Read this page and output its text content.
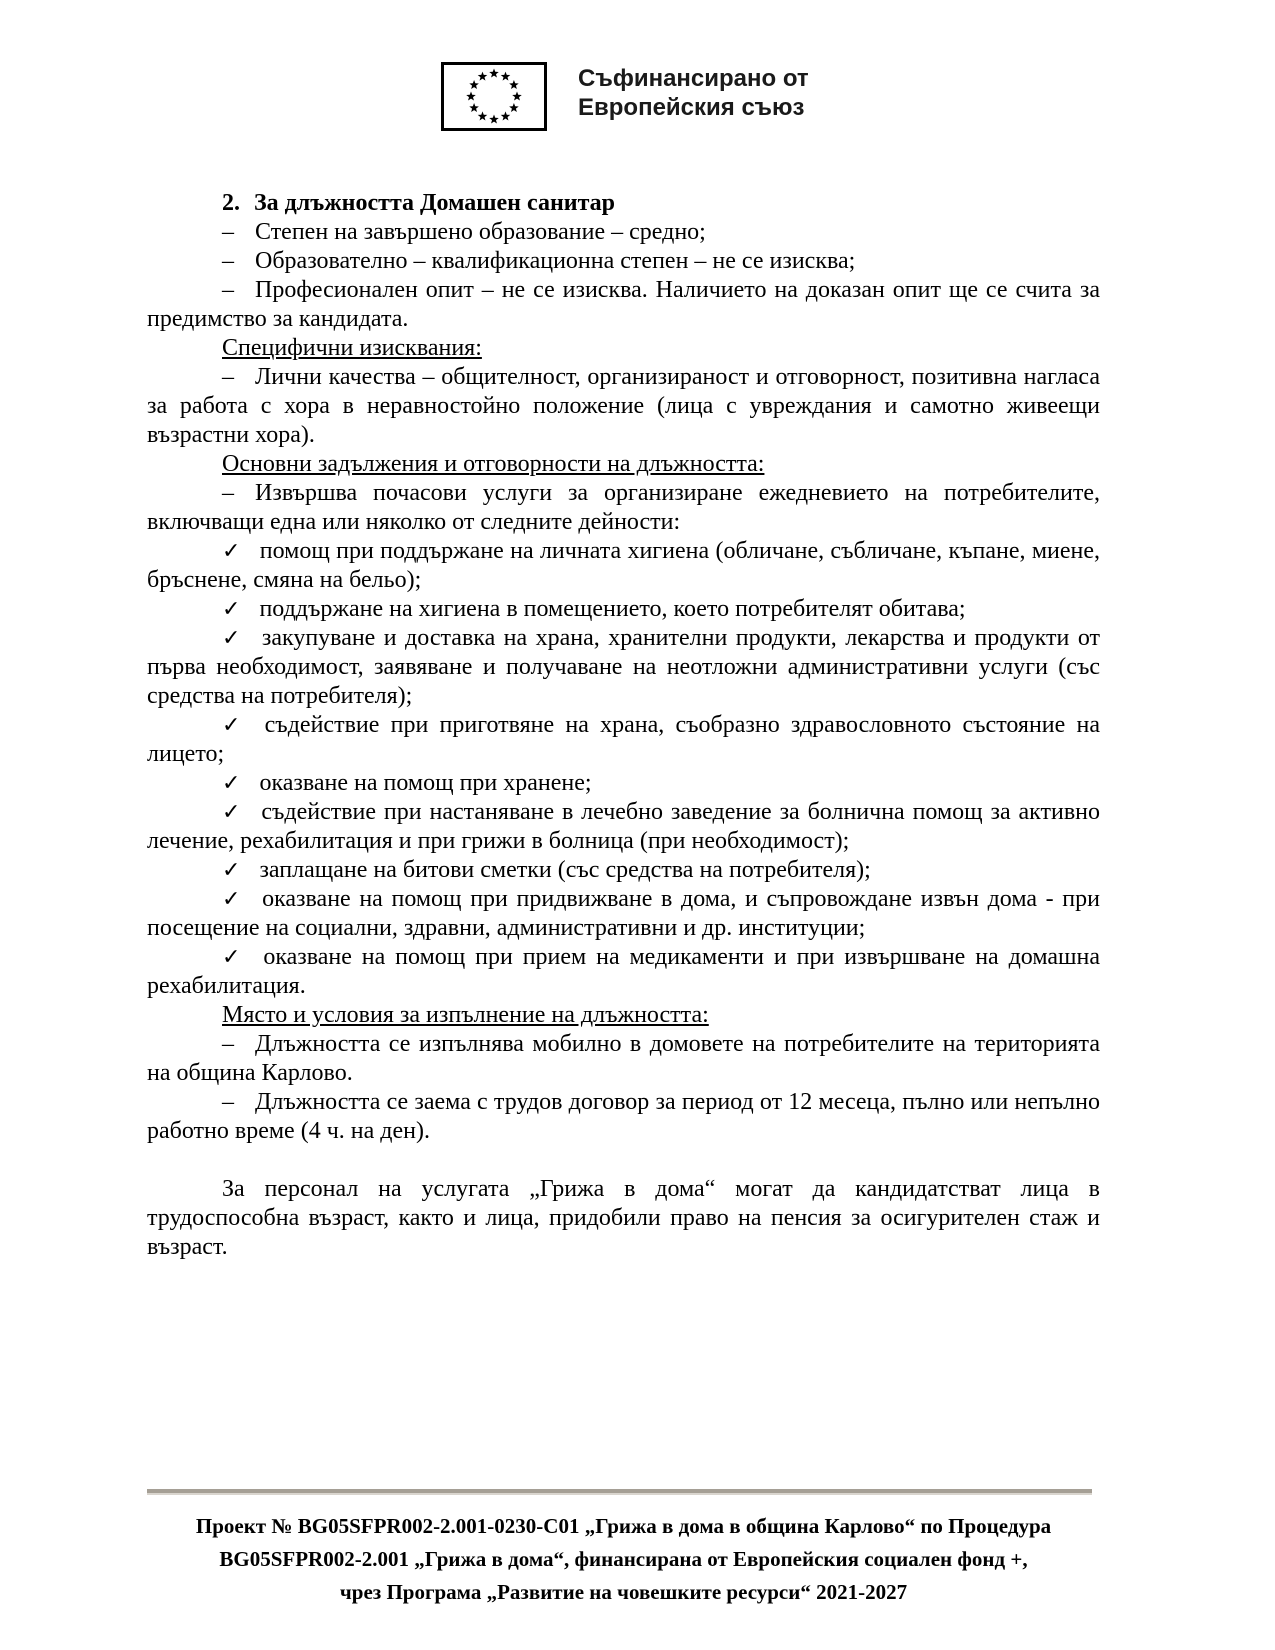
Съфинансирано от
Европейския съюз

2. За длъжността Домашен санитар

– Степен на завършено образование – средно;

– Образователно – квалификационна степен – не се изисква;

– Професионален опит – не се изисква. Наличието на доказан опит ще се счита за предимство за кандидата.

Специфични изисквания:

– Лични качества – общителност, организираност и отговорност, позитивна нагласа за работа с хора в неравностойно положение (лица с увреждания и самотно живеещи възрастни хора).

Основни задължения и отговорности на длъжността:

– Извършва почасови услуги за организиране ежедневието на потребителите, включващи една или няколко от следните дейности:

✓ помощ при поддържане на личната хигиена (обличане, събличане, къпане, миене, бръснене, смяна на бельо);

✓ поддържане на хигиена в помещението, което потребителят обитава;

✓ закупуване и доставка на храна, хранителни продукти, лекарства и продукти от първа необходимост, заявяване и получаване на неотложни административни услуги (със средства на потребителя);

✓ съдействие при приготвяне на храна, съобразно здравословното състояние на лицето;

✓ оказване на помощ при хранене;

✓ съдействие при настаняване в лечебно заведение за болнична помощ за активно лечение, рехабилитация и при грижи в болница (при необходимост);

✓ заплащане на битови сметки (със средства на потребителя);

✓ оказване на помощ при придвижване в дома, и съпровождане извън дома - при посещение на социални, здравни, административни и др. институции;

✓ оказване на помощ при прием на медикаменти и при извършване на домашна рехабилитация.

Място и условия за изпълнение на длъжността:

– Длъжността се изпълнява мобилно в домовете на потребителите на територията на община Карлово.

– Длъжността се заема с трудов договор за период от 12 месеца, пълно или непълно работно време (4 ч. на ден).

За персонал на услугата „Грижа в дома“ могат да кандидатстват лица в трудоспособна възраст, както и лица, придобили право на пенсия за осигурителен стаж и възраст.

Проект № BG05SFPR002-2.001-0230-С01 „Грижа в дома в община Карлово“ по Процедура

BG05SFPR002-2.001 „Грижа в дома“, финансирана от Европейския социален фонд +,

чрез Програма „Развитие на човешките ресурси“ 2021-2027
